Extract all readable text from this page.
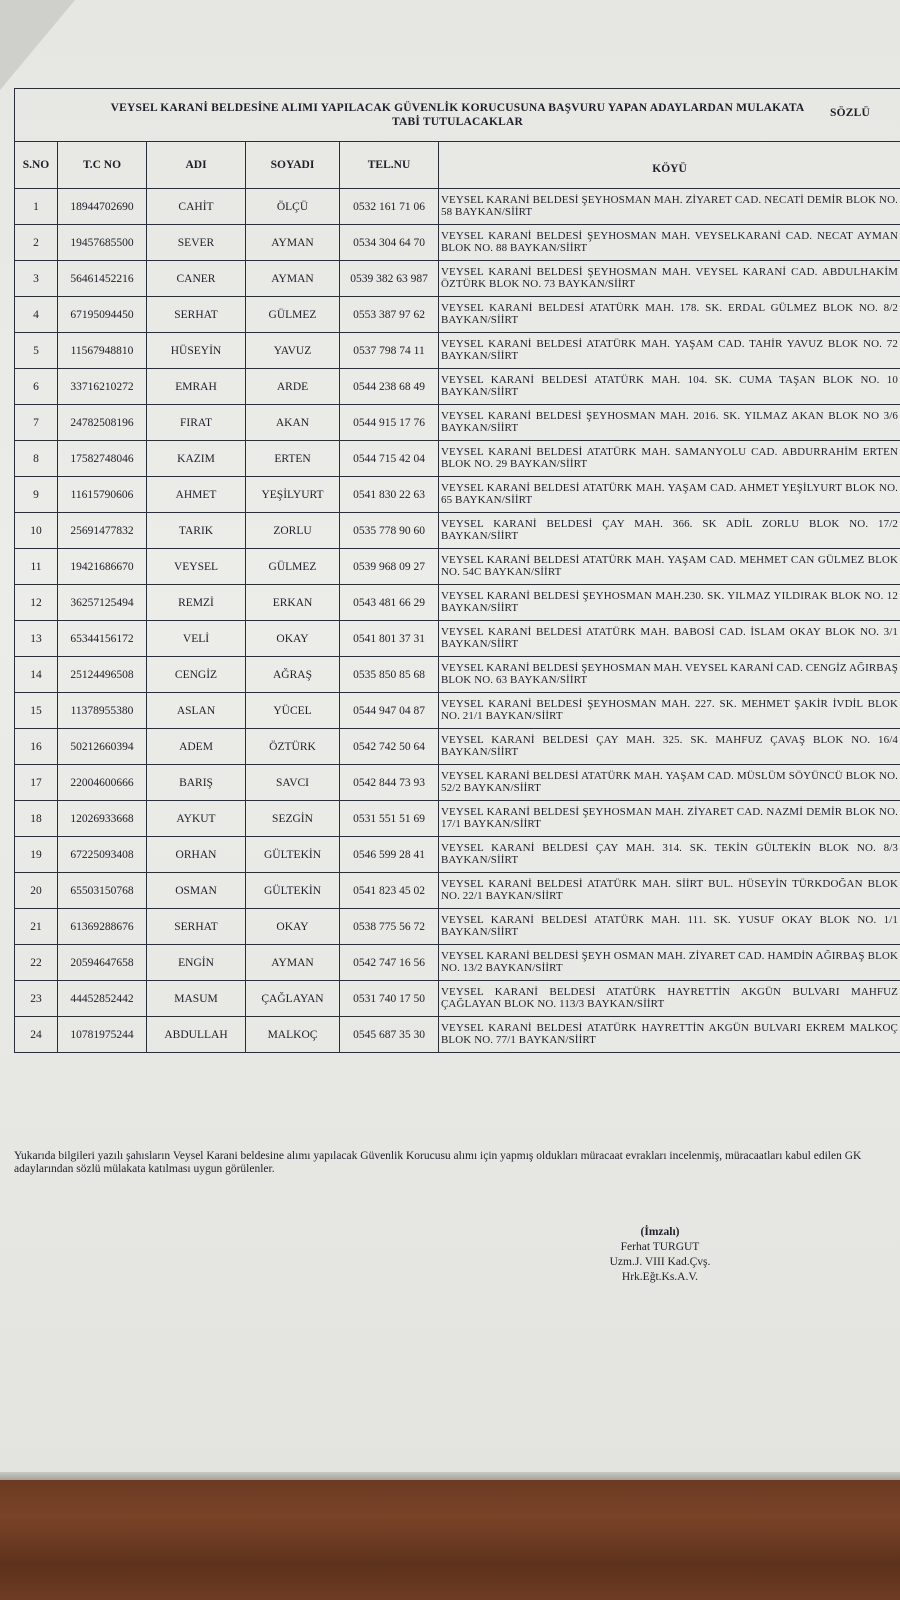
VEYSEL KARANİ BELDESİNE ALIMI YAPILACAK GÜVENLİK KORUCUSUNA BAŞVURU YAPAN ADAYLARDAN MULAKATA TABİ TUTULACAKLAR
SÖZLÜ					

S.NO	T.C NO	ADI	SOYADI	TEL.NU	KÖYÜ
1	18944702690	CAHİT	ÖLÇÜ	0532 161 71 06	VEYSEL KARANİ BELDESİ ŞEYHOSMAN MAH. ZİYARET CAD. NECATİ DEMİR BLOK NO. 58 BAYKAN/SİİRT
2	19457685500	SEVER	AYMAN	0534 304 64 70	VEYSEL KARANİ BELDESİ ŞEYHOSMAN MAH. VEYSELKARANİ CAD. NECAT AYMAN BLOK NO. 88 BAYKAN/SİİRT
3	56461452216	CANER	AYMAN	0539 382 63 987	VEYSEL KARANİ BELDESİ ŞEYHOSMAN MAH. VEYSEL KARANİ CAD. ABDULHAKİM ÖZTÜRK BLOK NO. 73 BAYKAN/SİİRT
4	67195094450	SERHAT	GÜLMEZ	0553 387 97 62	VEYSEL KARANİ BELDESİ ATATÜRK MAH. 178. SK. ERDAL GÜLMEZ BLOK NO. 8/2 BAYKAN/SİİRT
5	11567948810	HÜSEYİN	YAVUZ	0537 798 74 11	VEYSEL KARANİ BELDESİ ATATÜRK MAH. YAŞAM CAD. TAHİR YAVUZ BLOK NO. 72 BAYKAN/SİİRT
6	33716210272	EMRAH	ARDE	0544 238 68 49	VEYSEL KARANİ BELDESİ ATATÜRK MAH. 104. SK. CUMA TAŞAN BLOK NO. 10 BAYKAN/SİİRT
7	24782508196	FIRAT	AKAN	0544 915 17 76	VEYSEL KARANİ BELDESİ ŞEYHOSMAN MAH. 2016. SK. YILMAZ AKAN BLOK NO 3/6 BAYKAN/SİİRT
8	17582748046	KAZIM	ERTEN	0544 715 42 04	VEYSEL KARANİ BELDESİ ATATÜRK MAH. SAMANYOLU CAD. ABDURRAHİM ERTEN BLOK NO. 29 BAYKAN/SİİRT
9	11615790606	AHMET	YEŞİLYURT	0541 830 22 63	VEYSEL KARANİ BELDESİ ATATÜRK MAH. YAŞAM CAD. AHMET YEŞİLYURT BLOK NO. 65 BAYKAN/SİİRT
10	25691477832	TARIK	ZORLU	0535 778 90 60	VEYSEL KARANİ BELDESİ ÇAY MAH. 366. SK ADİL ZORLU BLOK NO. 17/2 BAYKAN/SİİRT
11	19421686670	VEYSEL	GÜLMEZ	0539 968 09 27	VEYSEL KARANİ BELDESİ ATATÜRK MAH. YAŞAM CAD. MEHMET CAN GÜLMEZ BLOK NO. 54C BAYKAN/SİİRT
12	36257125494	REMZİ	ERKAN	0543 481 66 29	VEYSEL KARANİ BELDESİ ŞEYHOSMAN MAH.230. SK. YILMAZ YILDIRAK BLOK NO. 12 BAYKAN/SİİRT
13	65344156172	VELİ	OKAY	0541 801 37 31	VEYSEL KARANİ BELDESİ ATATÜRK MAH. BABOSİ CAD. İSLAM OKAY BLOK NO. 3/1 BAYKAN/SİİRT
14	25124496508	CENGİZ	AĞRAŞ	0535 850 85 68	VEYSEL KARANİ BELDESİ ŞEYHOSMAN MAH. VEYSEL KARANİ CAD. CENGİZ AĞIRBAŞ BLOK NO. 63 BAYKAN/SİİRT
15	11378955380	ASLAN	YÜCEL	0544 947 04 87	VEYSEL KARANİ BELDESİ ŞEYHOSMAN MAH. 227. SK. MEHMET ŞAKİR İVDİL BLOK NO. 21/1 BAYKAN/SİİRT
16	50212660394	ADEM	ÖZTÜRK	0542 742 50 64	VEYSEL KARANİ BELDESİ ÇAY MAH. 325. SK. MAHFUZ ÇAVAŞ BLOK NO. 16/4 BAYKAN/SİİRT
17	22004600666	BARIŞ	SAVCI	0542 844 73 93	VEYSEL KARANİ BELDESİ ATATÜRK MAH. YAŞAM CAD. MÜSLÜM SÖYÜNCÜ BLOK NO. 52/2 BAYKAN/SİİRT
18	12026933668	AYKUT	SEZGİN	0531 551 51 69	VEYSEL KARANİ BELDESİ ŞEYHOSMAN MAH. ZİYARET CAD. NAZMİ DEMİR BLOK NO. 17/1 BAYKAN/SİİRT
19	67225093408	ORHAN	GÜLTEKİN	0546 599 28 41	VEYSEL KARANİ BELDESİ ÇAY MAH. 314. SK. TEKİN GÜLTEKİN BLOK NO. 8/3 BAYKAN/SİİRT
20	65503150768	OSMAN	GÜLTEKİN	0541 823 45 02	VEYSEL KARANİ BELDESİ ATATÜRK MAH. SİİRT BUL. HÜSEYİN TÜRKDOĞAN BLOK NO. 22/1 BAYKAN/SİİRT
21	61369288676	SERHAT	OKAY	0538 775 56 72	VEYSEL KARANİ BELDESİ ATATÜRK MAH. 111. SK. YUSUF OKAY BLOK NO. 1/1 BAYKAN/SİİRT
22	20594647658	ENGİN	AYMAN	0542 747 16 56	VEYSEL KARANİ BELDESİ ŞEYH OSMAN MAH. ZİYARET CAD. HAMDİN AĞIRBAŞ BLOK NO. 13/2 BAYKAN/SİİRT
23	44452852442	MASUM	ÇAĞLAYAN	0531 740 17 50	VEYSEL KARANİ BELDESİ ATATÜRK HAYRETTİN AKGÜN BULVARI MAHFUZ ÇAĞLAYAN BLOK NO. 113/3 BAYKAN/SİİRT
24	10781975244	ABDULLAH	MALKOÇ	0545 687 35 30	VEYSEL KARANİ BELDESİ ATATÜRK HAYRETTİN AKGÜN BULVARI EKREM MALKOÇ BLOK NO. 77/1 BAYKAN/SİİRT
Yukarıda bilgileri yazılı şahısların Veysel Karani beldesine alımı yapılacak Güvenlik Korucusu alımı için yapmış oldukları müracaat evrakları incelenmiş, müracaatları kabul edilen GK adaylarından sözlü mülakata katılması uygun görülenler.
(İmzalı)
Ferhat TURGUT
Uzm.J. VIII Kad.Çvş.
Hrk.Eğt.Ks.A.V.
